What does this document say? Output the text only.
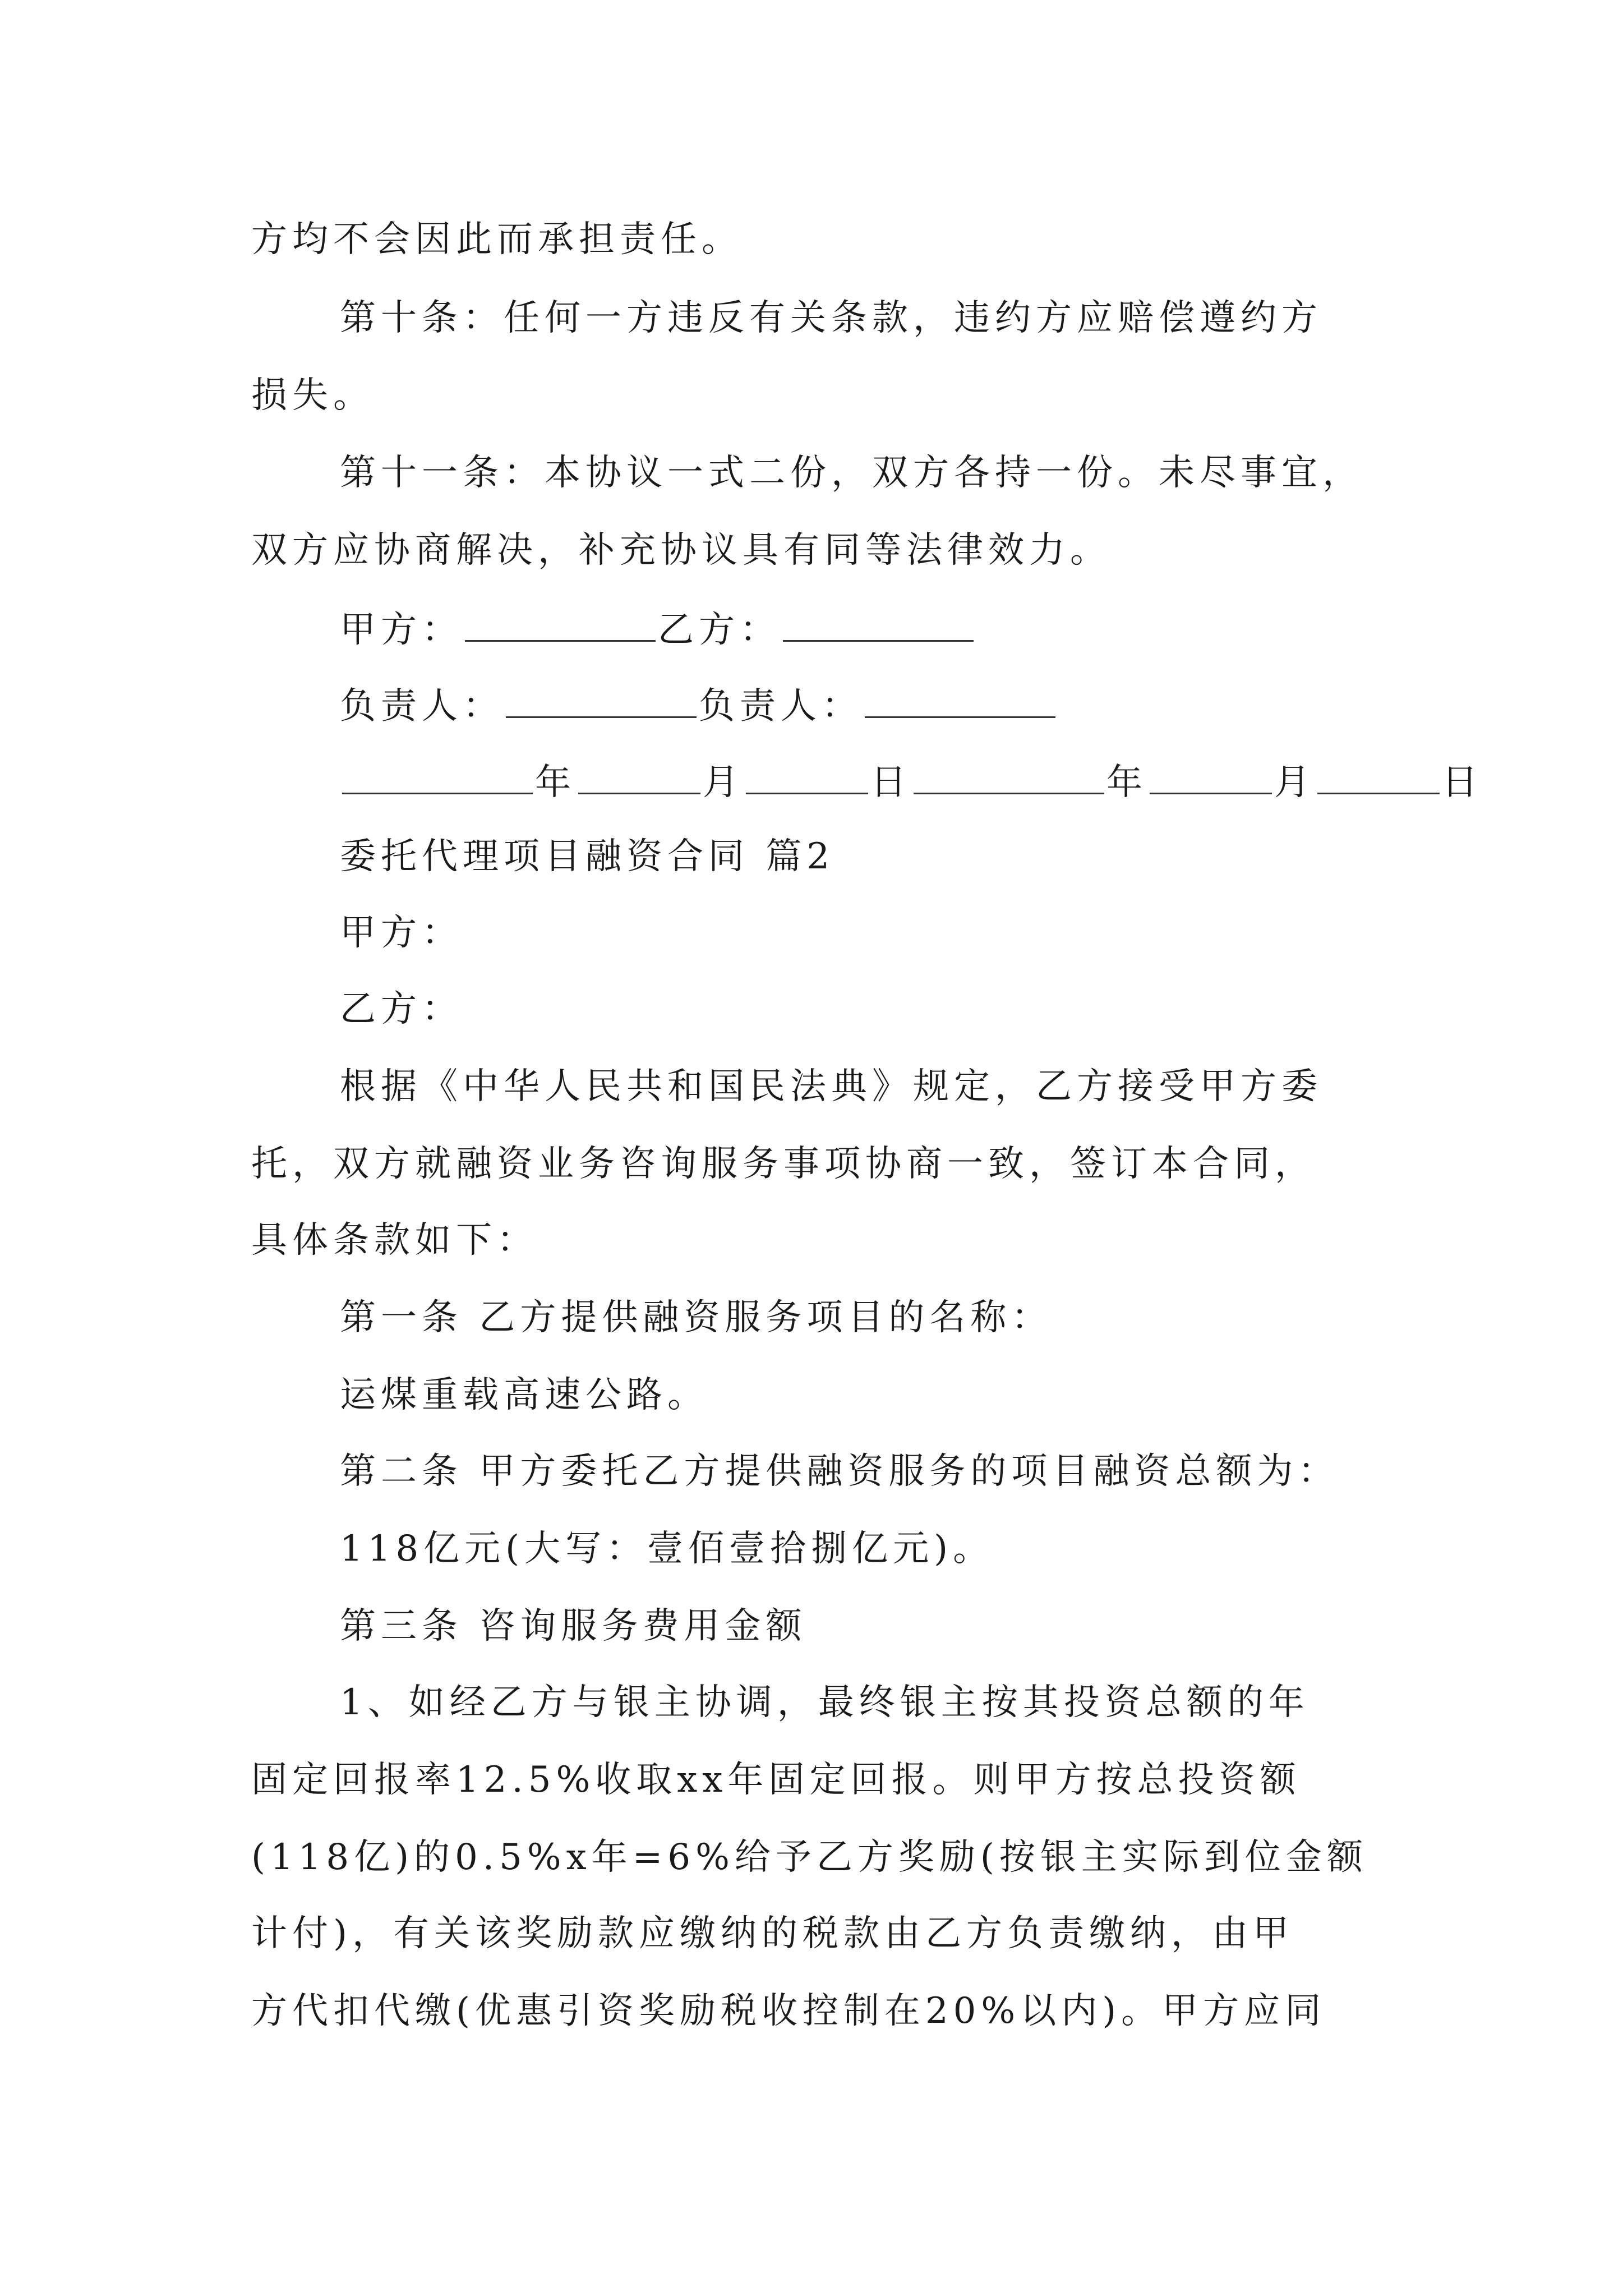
方均不会因此而承担责任。
第十条：任何一方违反有关条款，违约方应赔偿遵约方
损失。
第十一条：本协议一式二份，双方各持一份。未尽事宜，
双方应协商解决，补充协议具有同等法律效力。
甲方：	乙方：
负责人：	负责人：
年	月	日	年	月	日
委托代理项目融资合同 篇2
甲方：
乙方：
根据《中华人民共和国民法典》规定，乙方接受甲方委
托，双方就融资业务咨询服务事项协商一致，签订本合同，
具体条款如下：
第一条 乙方提供融资服务项目的名称：
运煤重载高速公路。
第二条 甲方委托乙方提供融资服务的项目融资总额为：
118亿元(大写：壹佰壹拾捌亿元)。
第三条 咨询服务费用金额
1、如经乙方与银主协调，最终银主按其投资总额的年
固定回报率12.5%收取xx年固定回报。则甲方按总投资额
(118亿)的0.5%x年=6%给予乙方奖励(按银主实际到位金额
计付)，有关该奖励款应缴纳的税款由乙方负责缴纳，由甲
方代扣代缴(优惠引资奖励税收控制在20%以内)。甲方应同
